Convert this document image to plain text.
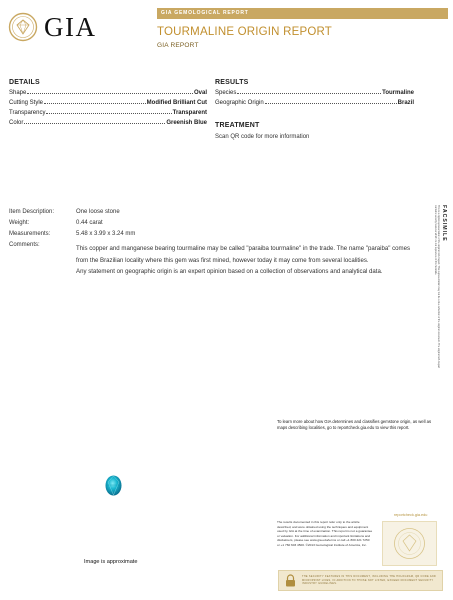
GIA	GIA GEMOLOGICAL REPORT
TOURMALINE ORIGIN REPORT
GIA REPORT
DETAILS
Shape	Oval
Cutting Style	Modified Brilliant Cut
Transparency	Transparent
Color	Greenish Blue
RESULTS
Species	Tourmaline
Geographic Origin	Brazil
TREATMENT
Scan QR code for more information
Item Description:	One loose stone
Weight:	0.44 carat
Measurements:	5.48 x 3.99 x 3.24 mm
Comments:	This copper and manganese bearing tourmaline may be called "paraiba tourmaline" in the trade. The name "paraiba" comes from the Brazilian locality where this gem was first mined, however today it may come from several localities.

Any statement on geographic origin is an expert opinion based on a collection of observations and analytical data.

FACSIMILE
This is a digital representation of the original GIA Report. This representation may not be a true reflection of the original document. The original GIA Report contains security features which do not reproduce in this facsimile.
To learn more about how GIA determines and classifies gemstone origin, as well as maps describing localities, go to reportcheck.gia.edu to view this report.
reportcheck.gia.edu
The results documented in this report refer only to the article described, and were obtained using the techniques and equipment used by GIA at the time of examination. This report is not a guarantee or valuation. For additional information and important limitations and disclaimers, please see www.gia.edu/terms or call +1 800 421 7250 or +1 760 603 4500. ©2013 Gemological Institute of America, Inc.
THE SECURITY FEATURES IN THIS DOCUMENT, INCLUDING THE HOLOGRAM, QR CODE AND MICROPRINT LINES, IN ADDITION TO THOSE NOT LISTED, EXCEED DOCUMENT SECURITY INDUSTRY GUIDELINES.
Image is approximate
